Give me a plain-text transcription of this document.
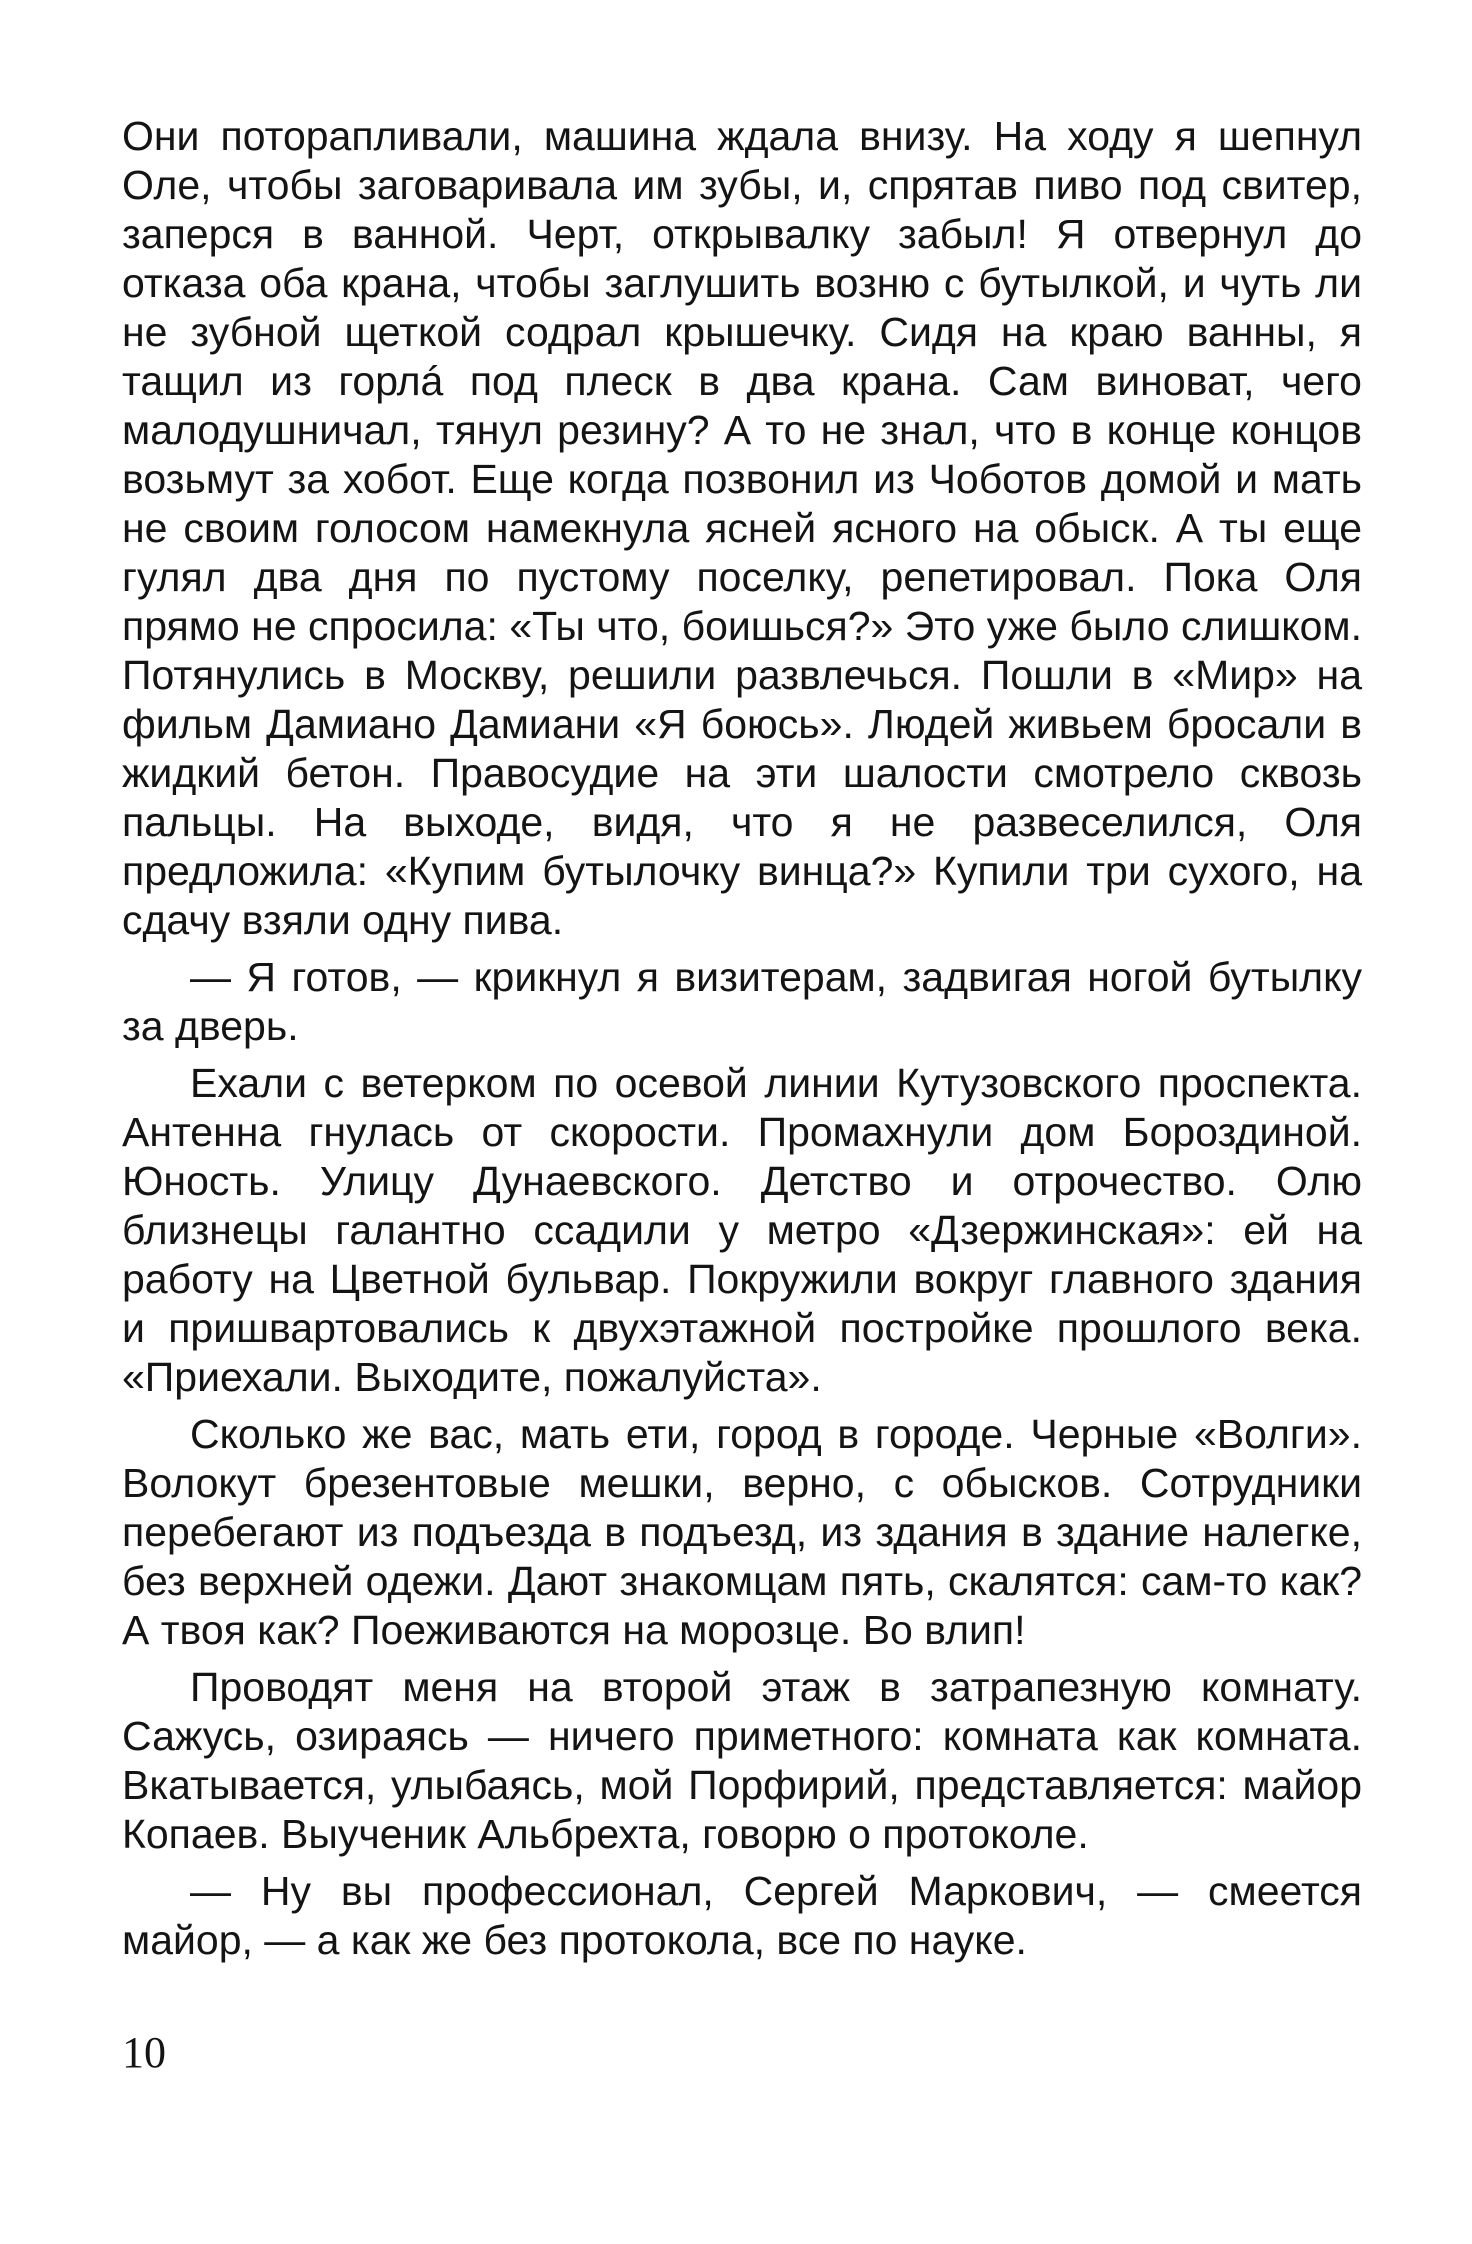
Они поторапливали, машина ждала внизу. На ходу я шепнул Оле, чтобы заговаривала им зубы, и, спрятав пиво под свитер, заперся в ванной. Черт, открывалку забыл! Я отвернул до отказа оба крана, чтобы заглушить возню с бутылкой, и чуть ли не зубной щеткой содрал крышечку. Сидя на краю ванны, я тащил из горлá под плеск в два крана. Сам виноват, чего малодушничал, тянул резину? А то не знал, что в конце концов возьмут за хобот. Еще когда позвонил из Чоботов домой и мать не своим голосом намекнула ясней ясного на обыск. А ты еще гулял два дня по пустому поселку, репетировал. Пока Оля прямо не спросила: «Ты что, боишься?» Это уже было слишком. Потянулись в Москву, решили развлечься. Пошли в «Мир» на фильм Дамиано Дамиани «Я боюсь». Людей живьем бросали в жидкий бетон. Правосудие на эти шалости смотрело сквозь пальцы. На выходе, видя, что я не развеселился, Оля предложила: «Купим бутылочку винца?» Купили три сухого, на сдачу взяли одну пива.

— Я готов, — крикнул я визитерам, задвигая ногой бутылку за дверь.

Ехали с ветерком по осевой линии Кутузовского проспекта. Антенна гнулась от скорости. Промахнули дом Бороздиной. Юность. Улицу Дунаевского. Детство и отрочество. Олю близнецы галантно ссадили у метро «Дзержинская»: ей на работу на Цветной бульвар. Покружили вокруг главного здания и пришвартовались к двухэтажной постройке прошлого века. «Приехали. Выходите, пожалуйста».

Сколько же вас, мать ети, город в городе. Черные «Волги». Волокут брезентовые мешки, верно, с обысков. Сотрудники перебегают из подъезда в подъезд, из здания в здание налегке, без верхней одежи. Дают знакомцам пять, скалятся: сам-то как? А твоя как? Поеживаются на морозце. Во влип!

Проводят меня на второй этаж в затрапезную комнату. Сажусь, озираясь — ничего приметного: комната как комната. Вкатывается, улыбаясь, мой Порфирий, представляется: майор Копаев. Выученик Альбрехта, говорю о протоколе.

— Ну вы профессионал, Сергей Маркович, — смеется майор, — а как же без протокола, все по науке.

10
